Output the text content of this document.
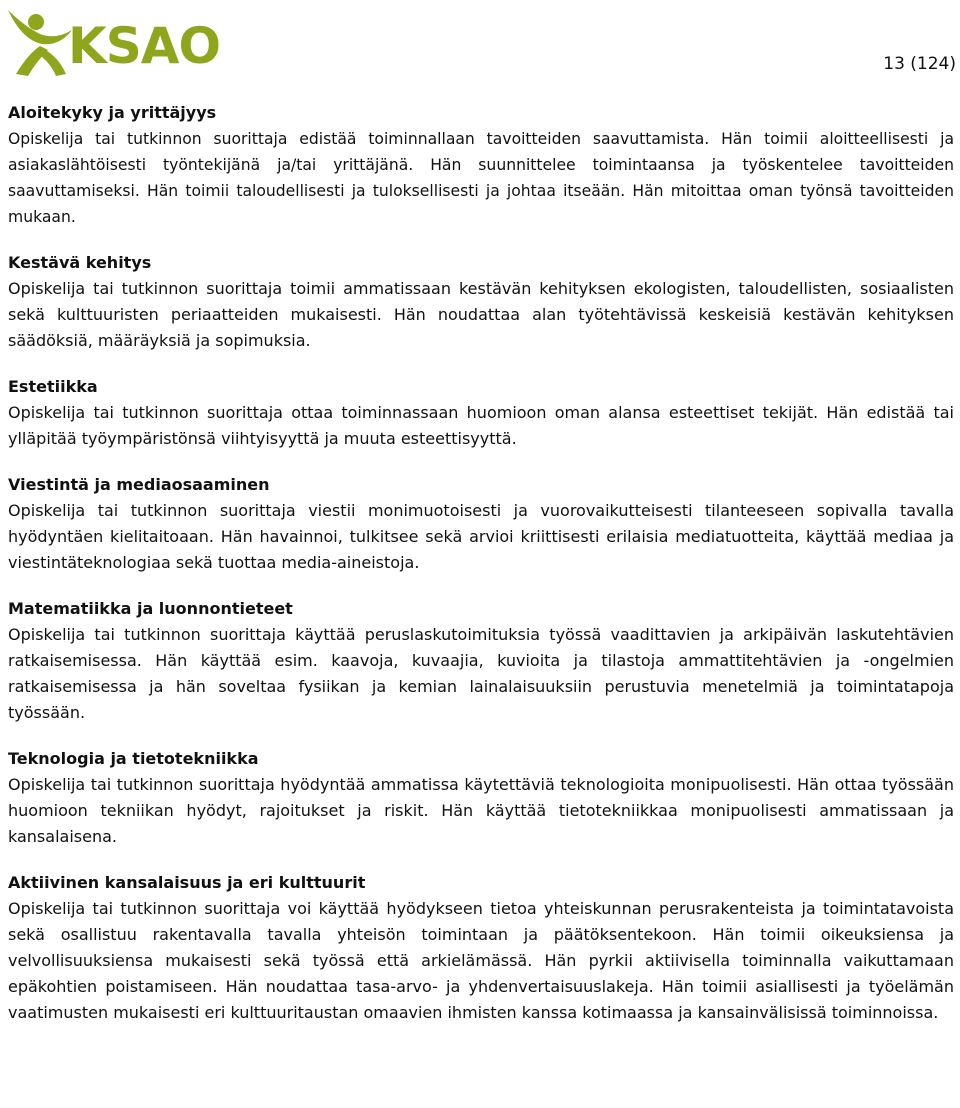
KSAO	13 (124)
Aloitekyky ja yrittäjyys

Opiskelija tai tutkinnon suorittaja edistää toiminnallaan tavoitteiden saavuttamista. Hän toimii aloitteellisesti ja asiakaslähtöisesti työntekijänä ja/tai yrittäjänä. Hän suunnittelee toimintaansa ja työskentelee tavoitteiden saavuttamiseksi. Hän toimii taloudellisesti ja tuloksellisesti ja johtaa itseään. Hän mitoittaa oman työnsä tavoitteiden mukaan.

Kestävä kehitys

Opiskelija tai tutkinnon suorittaja toimii ammatissaan kestävän kehityksen ekologisten, taloudellisten, sosiaalisten sekä kulttuuristen periaatteiden mukaisesti. Hän noudattaa alan työtehtävissä keskeisiä kestävän kehityksen säädöksiä, määräyksiä ja sopimuksia.

Estetiikka

Opiskelija tai tutkinnon suorittaja ottaa toiminnassaan huomioon oman alansa esteettiset tekijät. Hän edistää tai ylläpitää työympäristönsä viihtyisyyttä ja muuta esteettisyyttä.

Viestintä ja mediaosaaminen

Opiskelija tai tutkinnon suorittaja viestii monimuotoisesti ja vuorovaikutteisesti tilanteeseen sopivalla tavalla hyödyntäen kielitaitoaan. Hän havainnoi, tulkitsee sekä arvioi kriittisesti erilaisia mediatuotteita, käyttää mediaa ja viestintäteknologiaa sekä tuottaa media-aineistoja.

Matematiikka ja luonnontieteet

Opiskelija tai tutkinnon suorittaja käyttää peruslaskutoimituksia työssä vaadittavien ja arkipäivän laskutehtävien ratkaisemisessa. Hän käyttää esim. kaavoja, kuvaajia, kuvioita ja tilastoja ammattitehtävien ja -ongelmien ratkaisemisessa ja hän soveltaa fysiikan ja kemian lainalaisuuksiin perustuvia menetelmiä ja toimintatapoja työssään.

Teknologia ja tietotekniikka

Opiskelija tai tutkinnon suorittaja hyödyntää ammatissa käytettäviä teknologioita monipuolisesti. Hän ottaa työssään huomioon tekniikan hyödyt, rajoitukset ja riskit. Hän käyttää tietotekniikkaa monipuolisesti ammatissaan ja kansalaisena.

Aktiivinen kansalaisuus ja eri kulttuurit

Opiskelija tai tutkinnon suorittaja voi käyttää hyödykseen tietoa yhteiskunnan perusrakenteista ja toimintatavoista sekä osallistuu rakentavalla tavalla yhteisön toimintaan ja päätöksentekoon. Hän toimii oikeuksiensa ja velvollisuuksiensa mukaisesti sekä työssä että arkielämässä. Hän pyrkii aktiivisella toiminnalla vaikuttamaan epäkohtien poistamiseen. Hän noudattaa tasa-arvo- ja yhdenvertaisuuslakeja. Hän toimii asiallisesti ja työelämän vaatimusten mukaisesti eri kulttuuritaustan omaavien ihmisten kanssa kotimaassa ja kansainvälisissä toiminnoissa.
